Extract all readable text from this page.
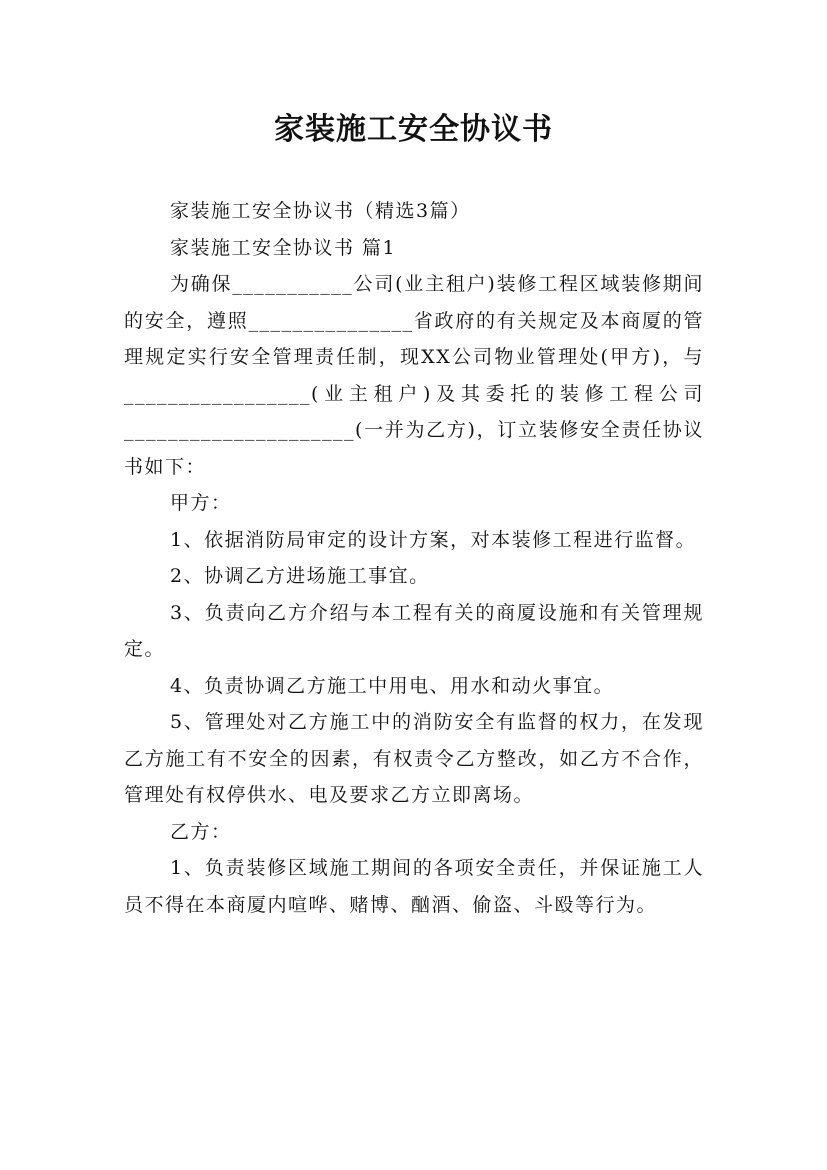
家装施工安全协议书

家装施工安全协议书（精选3篇）

家装施工安全协议书 篇1

为确保___________公司(业主租户)装修工程区域装修期间的安全，遵照_______________省政府的有关规定及本商厦的管理规定实行安全管理责任制，现XX公司物业管理处(甲方)，与_________________(业主租户)及其委托的装修工程公司_____________________(一并为乙方)，订立装修安全责任协议书如下：

甲方：

1、依据消防局审定的设计方案，对本装修工程进行监督。

2、协调乙方进场施工事宜。

3、负责向乙方介绍与本工程有关的商厦设施和有关管理规定。

4、负责协调乙方施工中用电、用水和动火事宜。

5、管理处对乙方施工中的消防安全有监督的权力，在发现乙方施工有不安全的因素，有权责令乙方整改，如乙方不合作，管理处有权停供水、电及要求乙方立即离场。

乙方：

1、负责装修区域施工期间的各项安全责任，并保证施工人员不得在本商厦内喧哗、赌博、酗酒、偷盗、斗殴等行为。
